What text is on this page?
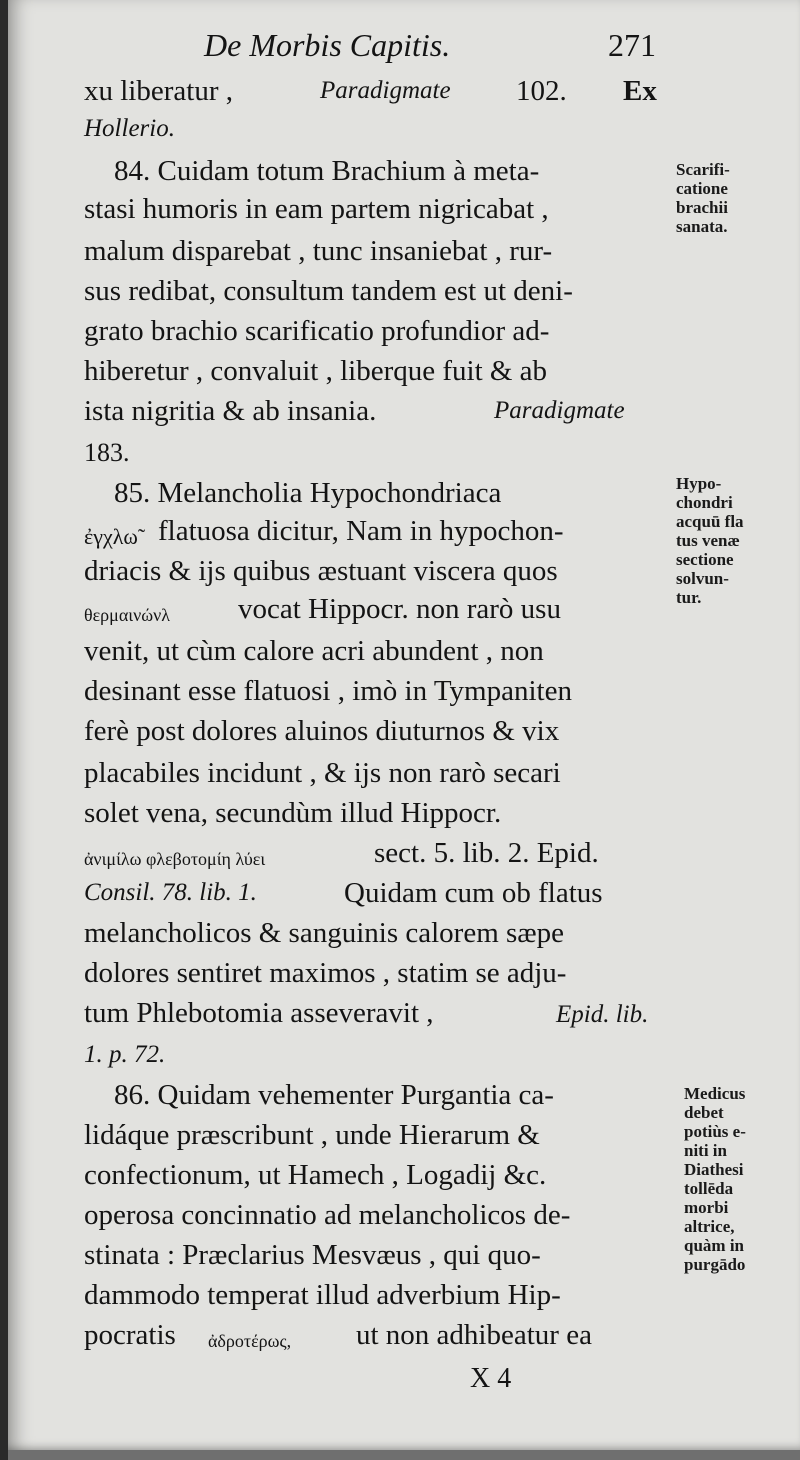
De Morbis Capitis.	271
xu liberatur ,	Paradigmate 102. Ex
Hollerio.
84. Cuidam totum Brachium à meta-
stasi humoris in eam partem nigricabat ,
malum disparebat , tunc insaniebat , rur-
sus redibat, consultum tandem est ut deni-
grato brachio scarificatio profundior ad-
hiberetur , convaluit , liberque fuit & ab
ista nigritia & ab insania.	Paradigmate
183.
85. Melancholia Hypochondriaca
ἐγχλω̃ flatuosa dicitur, Nam in hypochon-
driacis & ijs quibus æstuant viscera quos
θερμαινώνλ vocat Hippocr. non rarò usu
venit, ut cùm calore acri abundent , non
desinant esse flatuosi , imò in Tympaniten
ferè post dolores aluinos diuturnos & vix
placabiles incidunt , & ijs non rarò secari
solet vena, secundùm illud Hippocr.
ἀνιμίλω φλεβοτομίη λύει	sect. 5. lib. 2. Epid.
Consil. 78. lib. 1.	Quidam cum ob flatus
melancholicos & sanguinis calorem sæpe
dolores sentiret maximos , statim se adju-
tum Phlebotomia asseveravit ,	Epid. lib.
1. p. 72.
86. Quidam vehementer Purgantia ca-
lidáque præscribunt , unde Hierarum &
confectionum, ut Hamech , Logadij &c.
operosa concinnatio ad melancholicos de-
stinata : Præclarius Mesvæus , qui quo-
dammodo temperat illud adverbium Hip-
pocratis ἀδροτέρως, ut non adhibeatur ea
X 4
Scarifi-
catione
brachii
sanata.
Hypo-
chondri
acquū fla
tus venæ
sectione
solvun-
tur.
Medicus
debet
potiùs e-
niti in
Diathesi
tollēda
morbi
altrice,
quàm in
purgādo
